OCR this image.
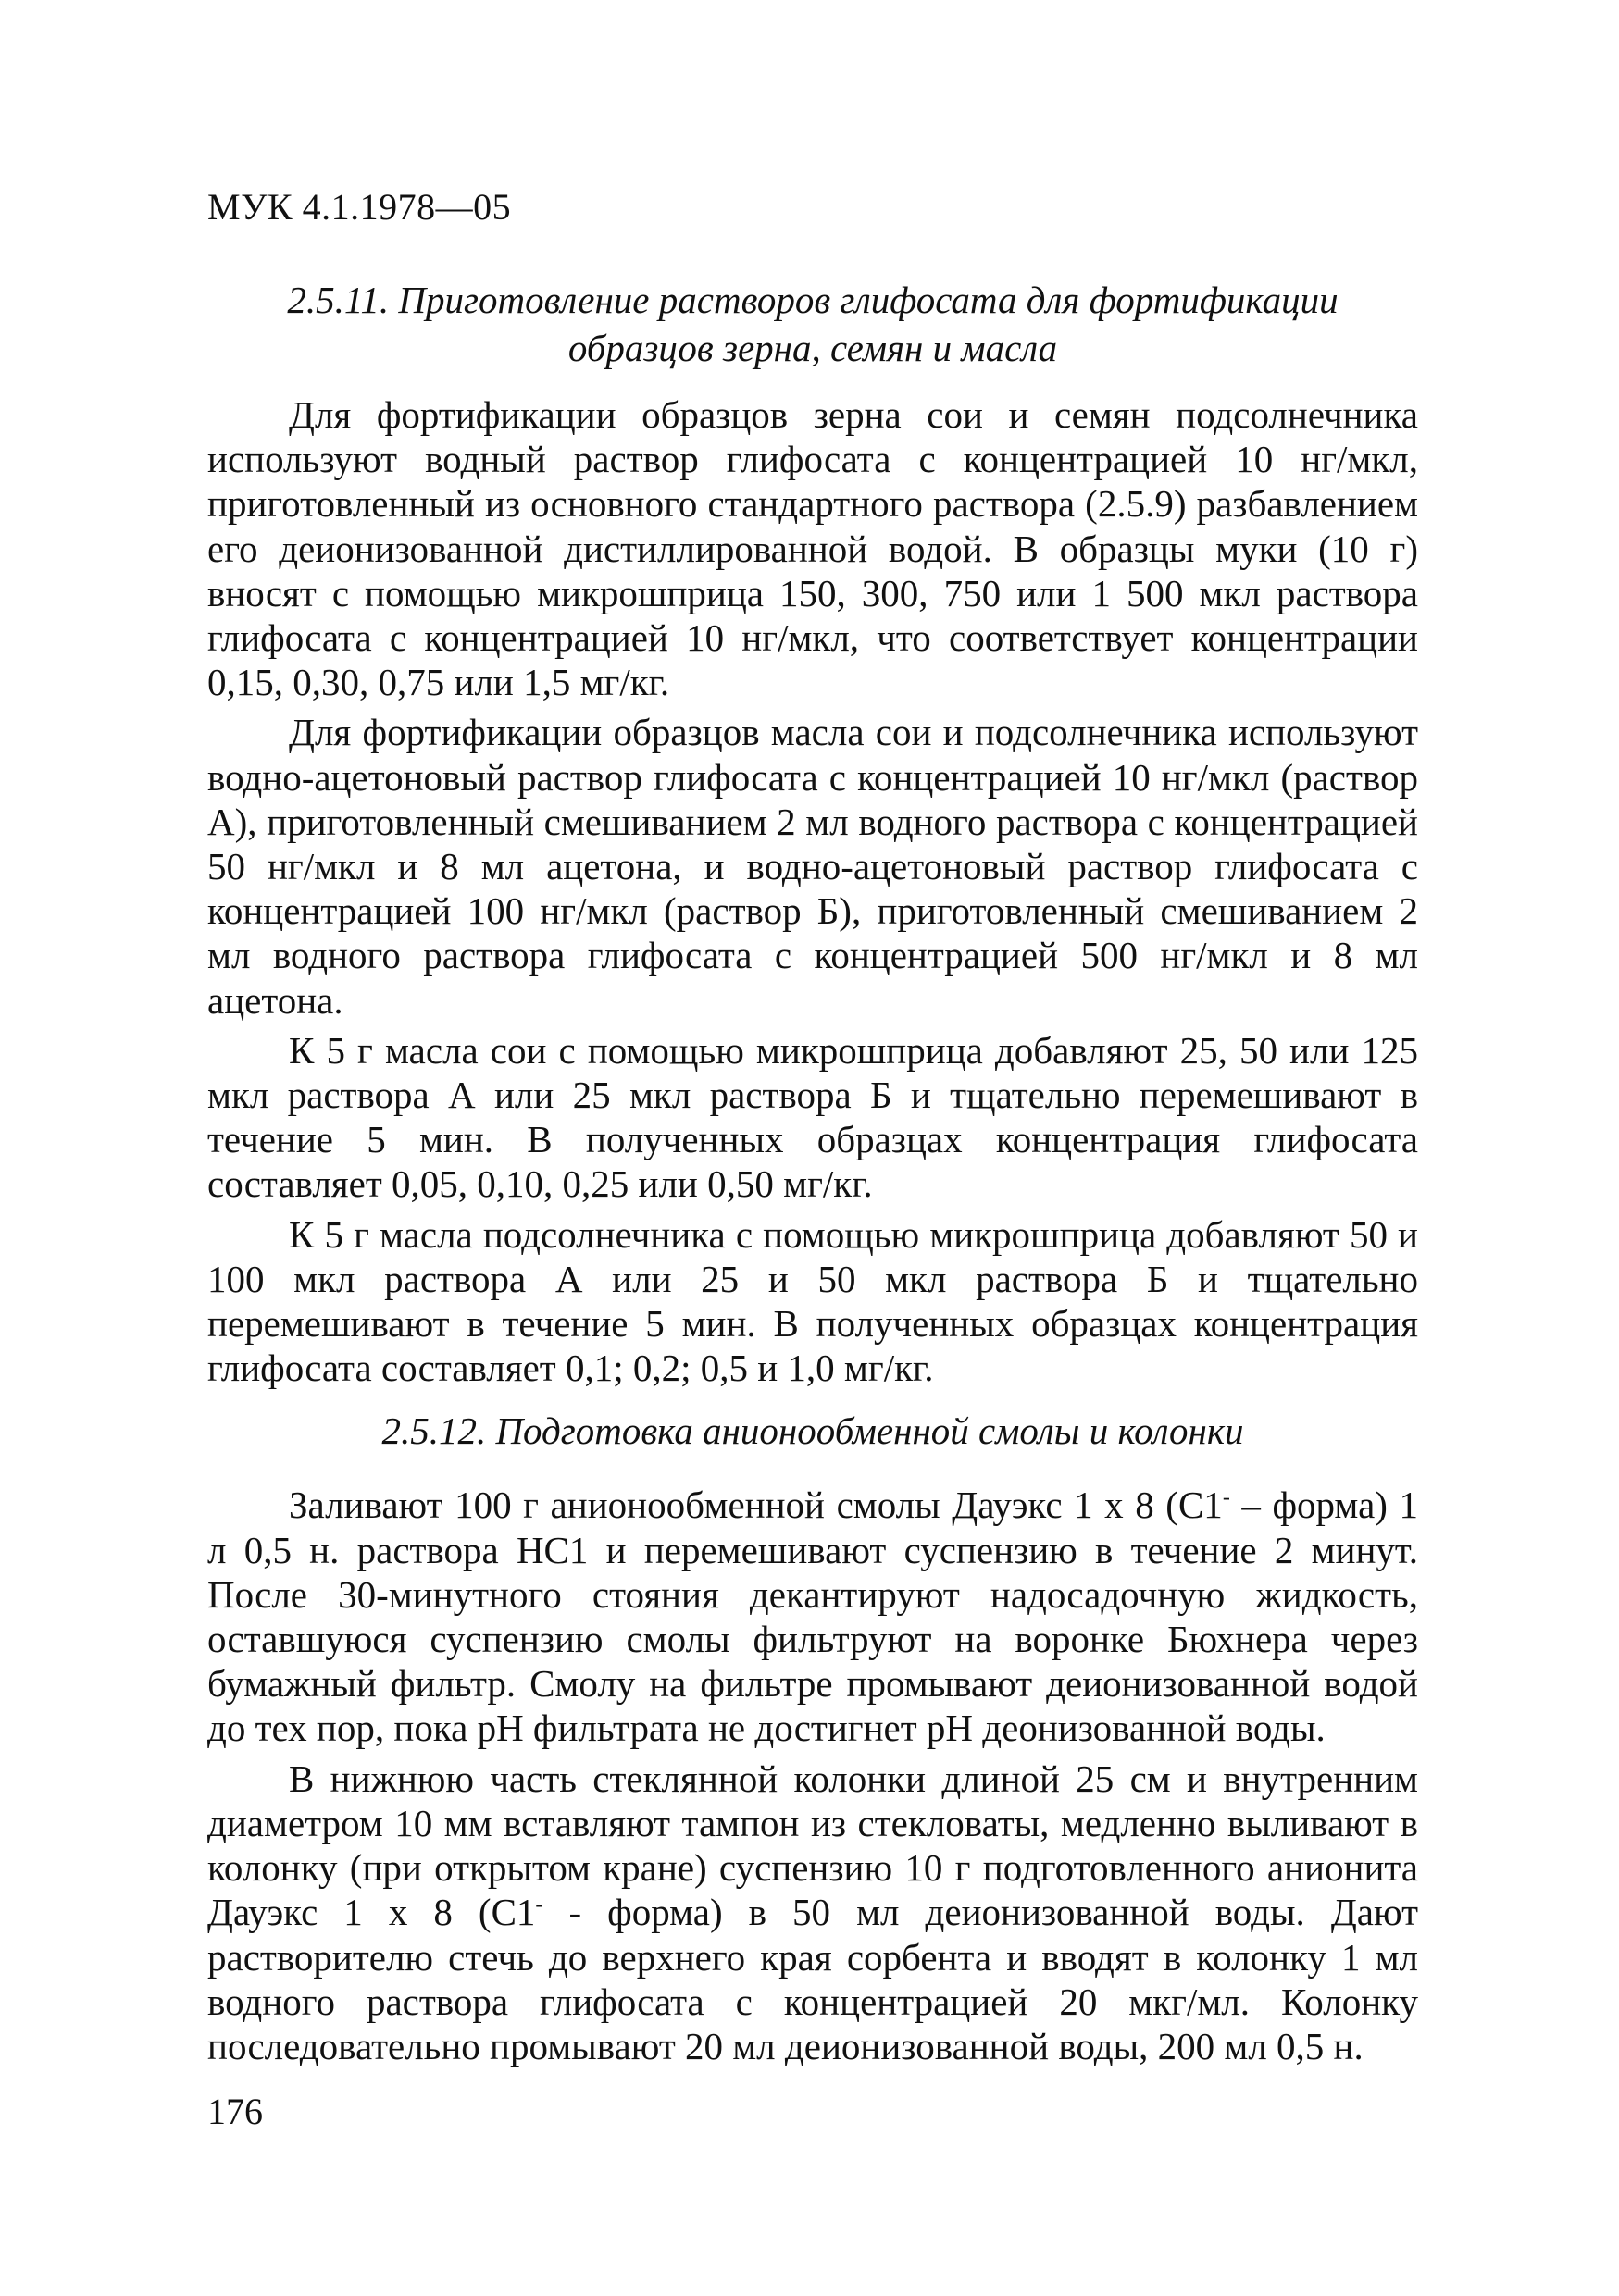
МУК 4.1.1978—05
2.5.11. Приготовление растворов глифосата для фортификации
образцов зерна, семян и масла

Для фортификации образцов зерна сои и семян подсолнечника используют водный раствор глифосата с концентрацией 10 нг/мкл, приготовленный из основного стандартного раствора (2.5.9) разбавлением его деионизованной дистиллированной водой. В образцы муки (10 г) вносят с помощью микрошприца 150, 300, 750 или 1 500 мкл раствора глифосата с концентрацией 10 нг/мкл, что соответствует концентрации 0,15, 0,30, 0,75 или 1,5 мг/кг.

Для фортификации образцов масла сои и подсолнечника используют водно-ацетоновый раствор глифосата с концентрацией 10 нг/мкл (раствор А), приготовленный смешиванием 2 мл водного раствора с концентрацией 50 нг/мкл и 8 мл ацетона, и водно-ацетоновый раствор глифосата с концентрацией 100 нг/мкл (раствор Б), приготовленный смешиванием 2 мл водного раствора глифосата с концентрацией 500 нг/мкл и 8 мл ацетона.

К 5 г масла сои с помощью микрошприца добавляют 25, 50 или 125 мкл раствора А или 25 мкл раствора Б и тщательно перемешивают в течение 5 мин. В полученных образцах концентрация глифосата составляет 0,05, 0,10, 0,25 или 0,50 мг/кг.

К 5 г масла подсолнечника с помощью микрошприца добавляют 50 и 100 мкл раствора А или 25 и 50 мкл раствора Б и тщательно перемешивают в течение 5 мин. В полученных образцах концентрация глифосата составляет 0,1; 0,2; 0,5 и 1,0 мг/кг.

2.5.12. Подготовка анионообменной смолы и колонки

Заливают 100 г анионообменной смолы Дауэкс 1 х 8 (С1- – форма) 1 л 0,5 н. раствора НС1 и перемешивают суспензию в течение 2 минут. После 30-минутного стояния декантируют надосадочную жидкость, оставшуюся суспензию смолы фильтруют на воронке Бюхнера через бумажный фильтр. Смолу на фильтре промывают деионизованной водой до тех пор, пока рН фильтрата не достигнет рН деонизованной воды.

В нижнюю часть стеклянной колонки длиной 25 см и внутренним диаметром 10 мм вставляют тампон из стекловаты, медленно выливают в колонку (при открытом кране) суспензию 10 г подготовленного анионита Дауэкс 1 х 8 (С1- - форма) в 50 мл деионизованной воды. Дают растворителю стечь до верхнего края сорбента и вводят в колонку 1 мл водного раствора глифосата с концентрацией 20 мкг/мл. Колонку последовательно промывают 20 мл деионизованной воды, 200 мл 0,5 н.

176
